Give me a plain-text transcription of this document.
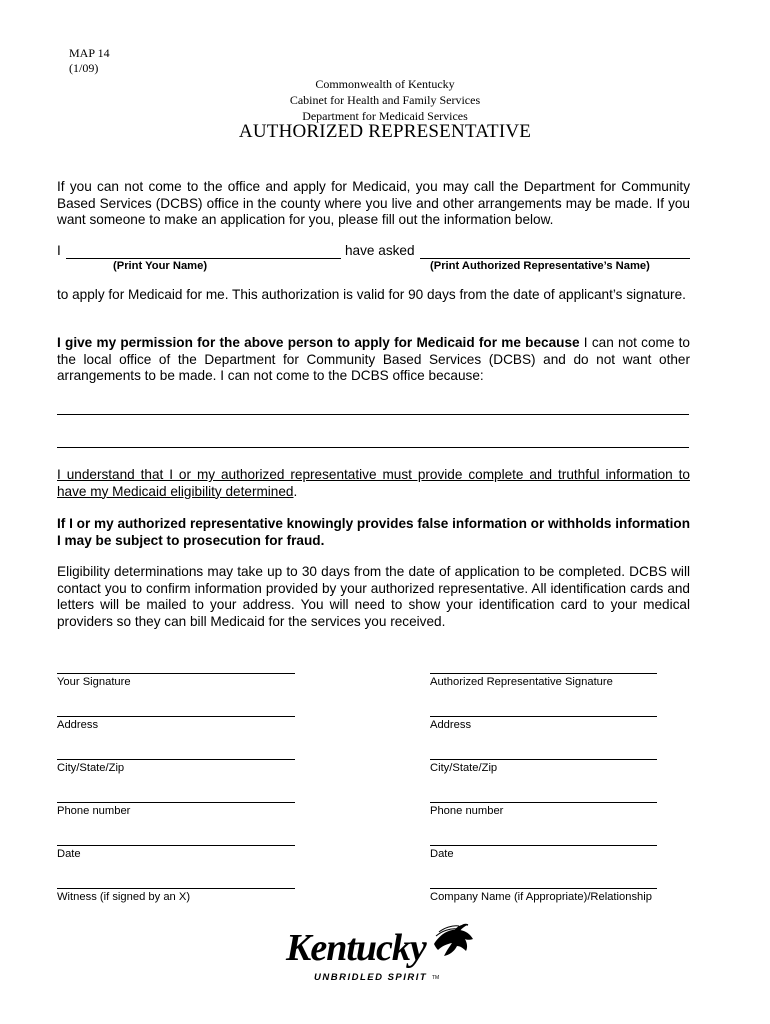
MAP 14
(1/09)
Commonwealth of Kentucky
Cabinet for Health and Family Services
Department for Medicaid Services
AUTHORIZED REPRESENTATIVE
If you can not come to the office and apply for Medicaid, you may call the Department for Community Based Services (DCBS) office in the county where you live and other arrangements may be made. If you want someone to make an application for you, please fill out the information below.
I	have asked
(Print Your Name)	(Print Authorized Representative’s Name)
to apply for Medicaid for me. This authorization is valid for 90 days from the date of applicant’s signature.
I give my permission for the above person to apply for Medicaid for me because I can not come to the local office of the Department for Community Based Services (DCBS) and do not want other arrangements to be made. I can not come to the DCBS office because:
I understand that I or my authorized representative must provide complete and truthful information to have my Medicaid eligibility determined.
If I or my authorized representative knowingly provides false information or withholds information I may be subject to prosecution for fraud.
Eligibility determinations may take up to 30 days from the date of application to be completed. DCBS will contact you to confirm information provided by your authorized representative. All identification cards and letters will be mailed to your address. You will need to show your identification card to your medical providers so they can bill Medicaid for the services you received.
Your Signature
Address
City/State/Zip
Phone number
Date
Witness (if signed by an X)
Authorized Representative Signature
Address
City/State/Zip
Phone number
Date
Company Name (if Appropriate)/Relationship
Kentucky
UNBRIDLED SPIRIT TM
